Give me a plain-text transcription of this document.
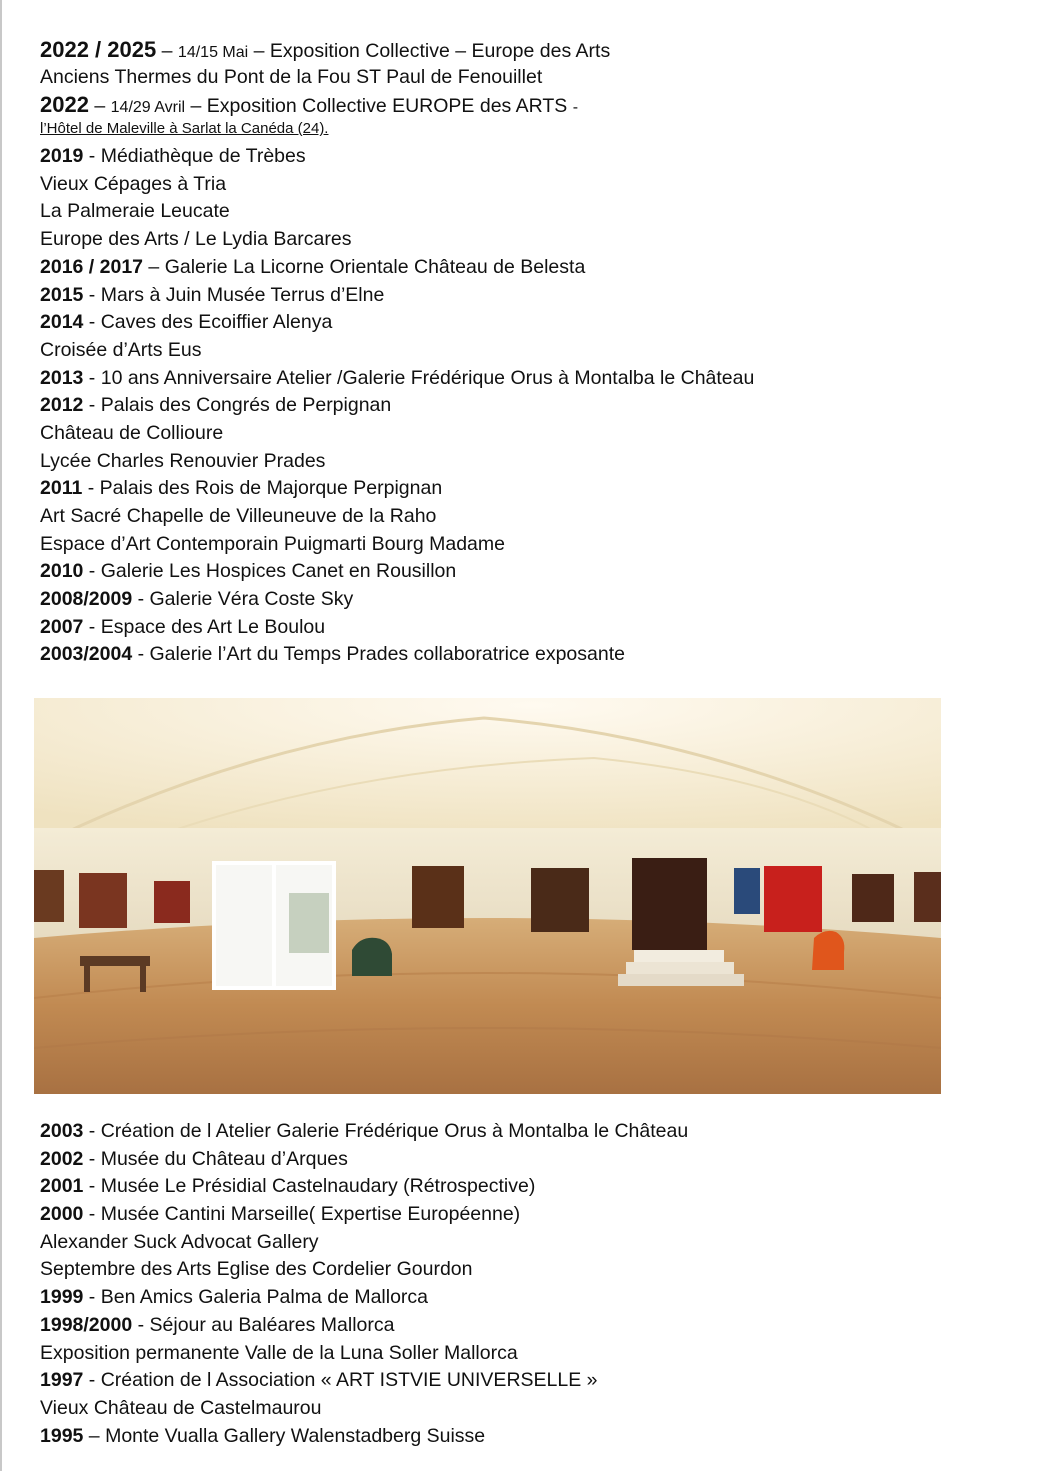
2022 / 2025 – 14/15 Mai – Exposition Collective – Europe des Arts
Anciens Thermes du Pont de la Fou ST Paul de Fenouillet
2022 – 14/29 Avril – Exposition Collective EUROPE des ARTS -
l’Hôtel de Maleville à Sarlat la Canéda (24).
2019 - Médiathèque de Trèbes
Vieux Cépages à Tria
La Palmeraie Leucate
Europe des Arts / Le Lydia Barcares
2016 / 2017 – Galerie La Licorne Orientale Château de Belesta
2015 - Mars à Juin Musée Terrus d’Elne
2014 - Caves des Ecoiffier Alenya
Croisée d’Arts Eus
2013 - 10 ans Anniversaire Atelier /Galerie Frédérique Orus à Montalba le Château
2012 - Palais des Congrés de Perpignan
Château de Collioure
Lycée Charles Renouvier Prades
2011 - Palais des Rois de Majorque Perpignan
Art Sacré Chapelle de Villeuneuve de la Raho
Espace d’Art Contemporain Puigmarti Bourg Madame
2010 - Galerie Les Hospices Canet en Rousillon
2008/2009 - Galerie Véra Coste Sky
2007 - Espace des Art Le Boulou
2003/2004 - Galerie l’Art du Temps Prades collaboratrice exposante
2003 - Création de l Atelier Galerie Frédérique Orus à Montalba le Château
2002 - Musée du Château d’Arques
2001 - Musée Le Présidial Castelnaudary (Rétrospective)
2000 - Musée Cantini Marseille( Expertise Européenne)
Alexander Suck Advocat Gallery
Septembre des Arts Eglise des Cordelier Gourdon
1999 - Ben Amics Galeria Palma de Mallorca
1998/2000 - Séjour au Baléares Mallorca
Exposition permanente Valle de la Luna Soller Mallorca
1997 - Création de l Association « ART ISTVIE UNIVERSELLE »
Vieux Château de Castelmaurou
1995 – Monte Vualla Gallery Walenstadberg Suisse
